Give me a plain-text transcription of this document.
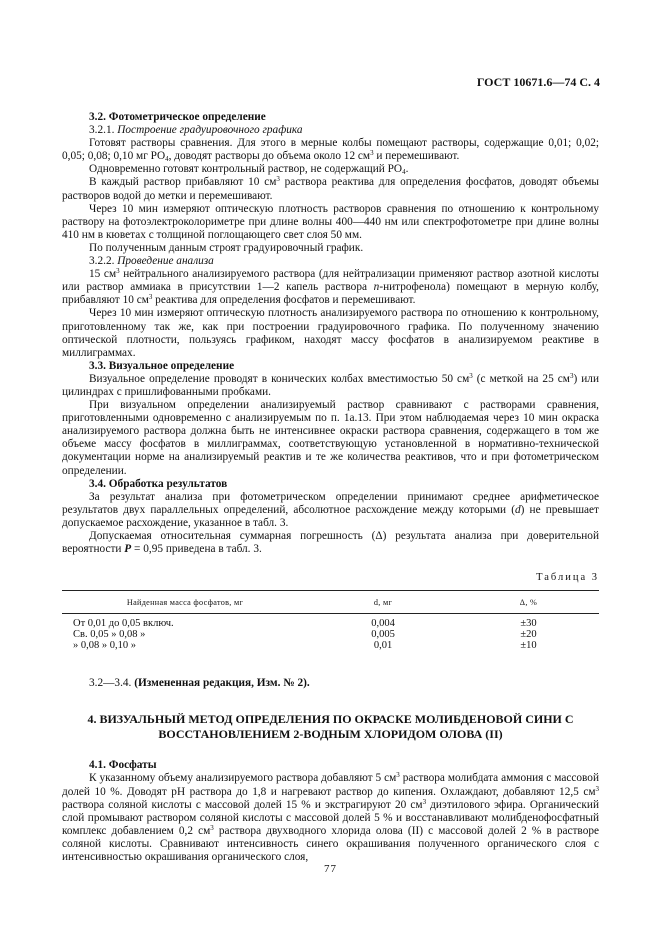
ГОСТ 10671.6—74 С. 4

3.2. Фотометрическое определение

3.2.1. Построение градуировочного графика

Готовят растворы сравнения. Для этого в мерные колбы помещают растворы, содержащие 0,01; 0,02; 0,05; 0,08; 0,10 мг $PO_4$, доводят растворы до объема около 12 $см^3$ и перемешивают.

Одновременно готовят контрольный раствор, не содержащий $PO_4$.

В каждый раствор прибавляют 10 $см^3$ раствора реактива для определения фосфатов, доводят объемы растворов водой до метки и перемешивают.

Через 10 мин измеряют оптическую плотность растворов сравнения по отношению к контрольному раствору на фотоэлектроколориметре при длине волны 400—440 нм или спектрофотометре при длине волны 410 нм в кюветах с толщиной поглощающего свет слоя 50 мм.

По полученным данным строят градуировочный график.

3.2.2. Проведение анализа

15 $см^3$ нейтрального анализируемого раствора (для нейтрализации применяют раствор азотной кислоты или раствор аммиака в присутствии 1—2 капель раствора n-нитрофенола) помещают в мерную колбу, прибавляют 10 $см^3$ реактива для определения фосфатов и перемешивают.

Через 10 мин измеряют оптическую плотность анализируемого раствора по отношению к контрольному, приготовленному так же, как при построении градуировочного графика. По полученному значению оптической плотности, пользуясь графиком, находят массу фосфатов в анализируемом реактиве в миллиграммах.

3.3. Визуальное определение

Визуальное определение проводят в конических колбах вместимостью 50 $см^3$ (с меткой на 25 $см^3$) или цилиндрах с пришлифованными пробками.

При визуальном определении анализируемый раствор сравнивают с растворами сравнения, приготовленными одновременно с анализируемым по п. 1а.13. При этом наблюдаемая через 10 мин окраска анализируемого раствора должна быть не интенсивнее окраски раствора сравнения, содержащего в том же объеме массу фосфатов в миллиграммах, соответствующую установленной в нормативно-технической документации норме на анализируемый реактив и те же количества реактивов, что и при фотометрическом определении.

3.4. Обработка результатов

За результат анализа при фотометрическом определении принимают среднее арифметическое результатов двух параллельных определений, абсолютное расхождение между которыми (d) не превышает допускаемое расхождение, указанное в табл. 3.

Допускаемая относительная суммарная погрешность (Δ) результата анализа при доверительной вероятности P = 0,95 приведена в табл. 3.

Таблица 3
Найденная масса фосфатов, мг	d, мг	Δ, %
От 0,01 до 0,05 включ.	0,004	±30
Св. 0,05 » 0,08 »	0,005	±20
» 0,08 » 0,10 »	0,01	±10

3.2—3.4. (Измененная редакция, Изм. № 2).

4. ВИЗУАЛЬНЫЙ МЕТОД ОПРЕДЕЛЕНИЯ ПО ОКРАСКЕ МОЛИБДЕНОВОЙ СИНИ С ВОССТАНОВЛЕНИЕМ 2-ВОДНЫМ ХЛОРИДОМ ОЛОВА (II)

4.1. Фосфаты

К указанному объему анализируемого раствора добавляют 5 $см^3$ раствора молибдата аммония с массовой долей 10 %. Доводят pH раствора до 1,8 и нагревают раствор до кипения. Охлаждают, добавляют 12,5 $см^3$ раствора соляной кислоты с массовой долей 15 % и экстрагируют 20 $см^3$ диэтилового эфира. Органический слой промывают раствором соляной кислоты с массовой долей 5 % и восстанавливают молибденофосфатный комплекс добавлением 0,2 $см^3$ раствора двухводного хлорида олова (II) с массовой долей 2 % в растворе соляной кислоты. Сравнивают интенсивность синего окрашивания полученного органического слоя с интенсивностью окрашивания органического слоя,

77
